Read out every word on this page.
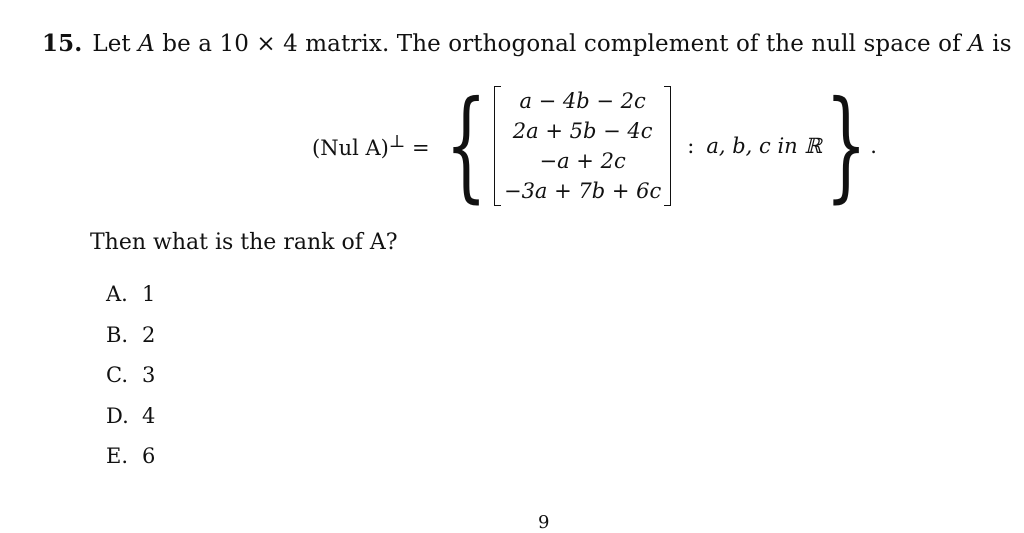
15. Let A be a 10 × 4 matrix. The orthogonal complement of the null space of A is
(Nul A)⊥ = { a − 4b − 2c
2a + 5b − 4c
−a + 2c
−3a + 7b + 6c
: a, b, c in ℝ } .
Then what is the rank of A?
A. 1
B. 2
C. 3
D. 4
E. 6
9
